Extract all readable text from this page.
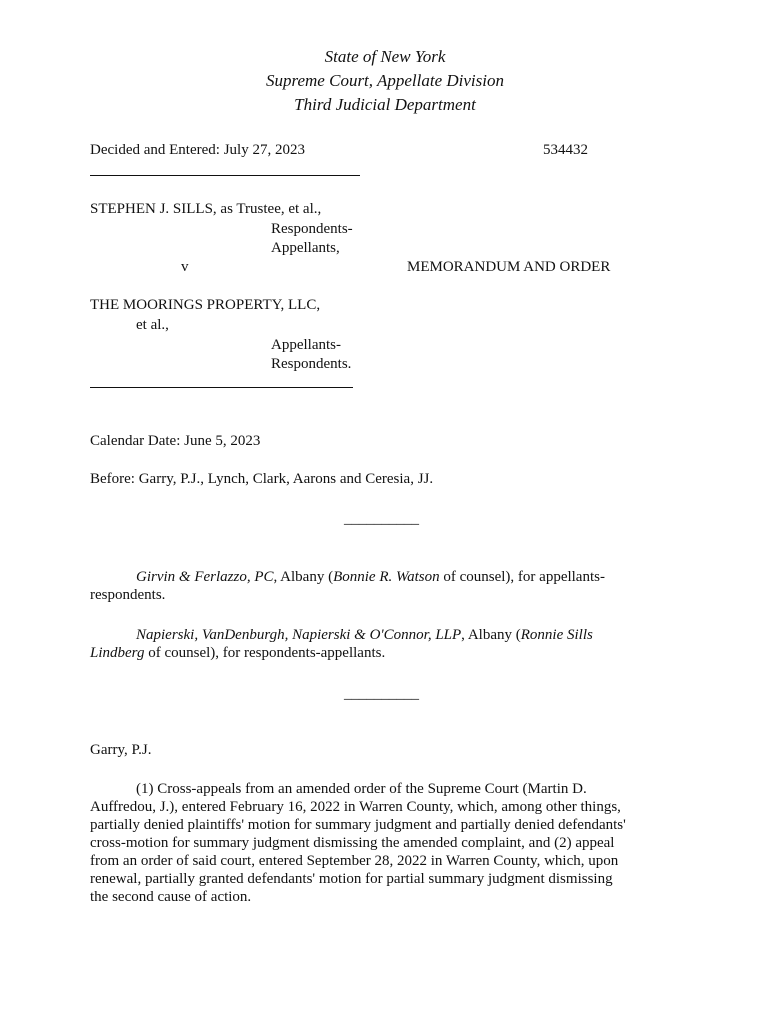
State of New York
Supreme Court, Appellate Division
Third Judicial Department
Decided and Entered: July 27, 2023	534432
STEPHEN J. SILLS, as Trustee, et al.,
Respondents-
Appellants,
v	MEMORANDUM AND ORDER
THE MOORINGS PROPERTY, LLC,
et al.,
Appellants-
Respondents.
Calendar Date: June 5, 2023
Before: Garry, P.J., Lynch, Clark, Aarons and Ceresia, JJ.
__________
Girvin & Ferlazzo, PC, Albany (Bonnie R. Watson of counsel), for appellants-
respondents.
Napierski, VanDenburgh, Napierski & O'Connor, LLP, Albany (Ronnie Sills
Lindberg of counsel), for respondents-appellants.
__________
Garry, P.J.
(1) Cross-appeals from an amended order of the Supreme Court (Martin D.
Auffredou, J.), entered February 16, 2022 in Warren County, which, among other things,
partially denied plaintiffs' motion for summary judgment and partially denied defendants'
cross-motion for summary judgment dismissing the amended complaint, and (2) appeal
from an order of said court, entered September 28, 2022 in Warren County, which, upon
renewal, partially granted defendants' motion for partial summary judgment dismissing
the second cause of action.
